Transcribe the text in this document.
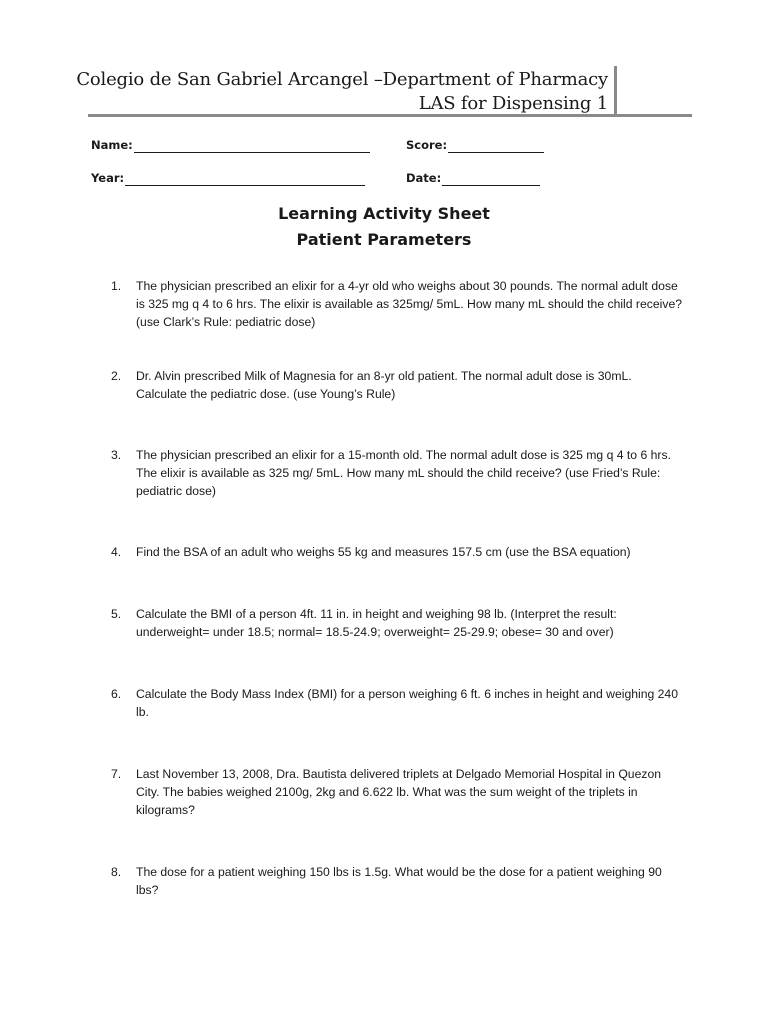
Colegio de San Gabriel Arcangel –Department of Pharmacy
LAS for Dispensing 1
Name:	Score:
Year:	Date:
Learning Activity Sheet
Patient Parameters
1.	The physician prescribed an elixir for a 4-yr old who weighs about 30 pounds. The normal adult dose is 325 mg q 4 to 6 hrs. The elixir is available as 325mg/ 5mL. How many mL should the child receive? (use Clark’s Rule: pediatric dose)
2.	Dr. Alvin prescribed Milk of Magnesia for an 8-yr old patient. The normal adult dose is 30mL. Calculate the pediatric dose. (use Young’s Rule)
3.	The physician prescribed an elixir for a 15-month old. The normal adult dose is 325 mg q 4 to 6 hrs. The elixir is available as 325 mg/ 5mL. How many mL should the child receive? (use Fried’s Rule: pediatric dose)
4.	Find the BSA of an adult who weighs 55 kg and measures 157.5 cm (use the BSA equation)
5.	Calculate the BMI of a person 4ft. 11 in. in height and weighing 98 lb. (Interpret the result: underweight= under 18.5; normal= 18.5-24.9; overweight= 25-29.9; obese= 30 and over)
6.	Calculate the Body Mass Index (BMI) for a person weighing 6 ft. 6 inches in height and weighing 240 lb.
7.	Last November 13, 2008, Dra. Bautista delivered triplets at Delgado Memorial Hospital in Quezon City. The babies weighed 2100g, 2kg and 6.622 lb. What was the sum weight of the triplets in kilograms?
8.	The dose for a patient weighing 150 lbs is 1.5g. What would be the dose for a patient weighing 90 lbs?
